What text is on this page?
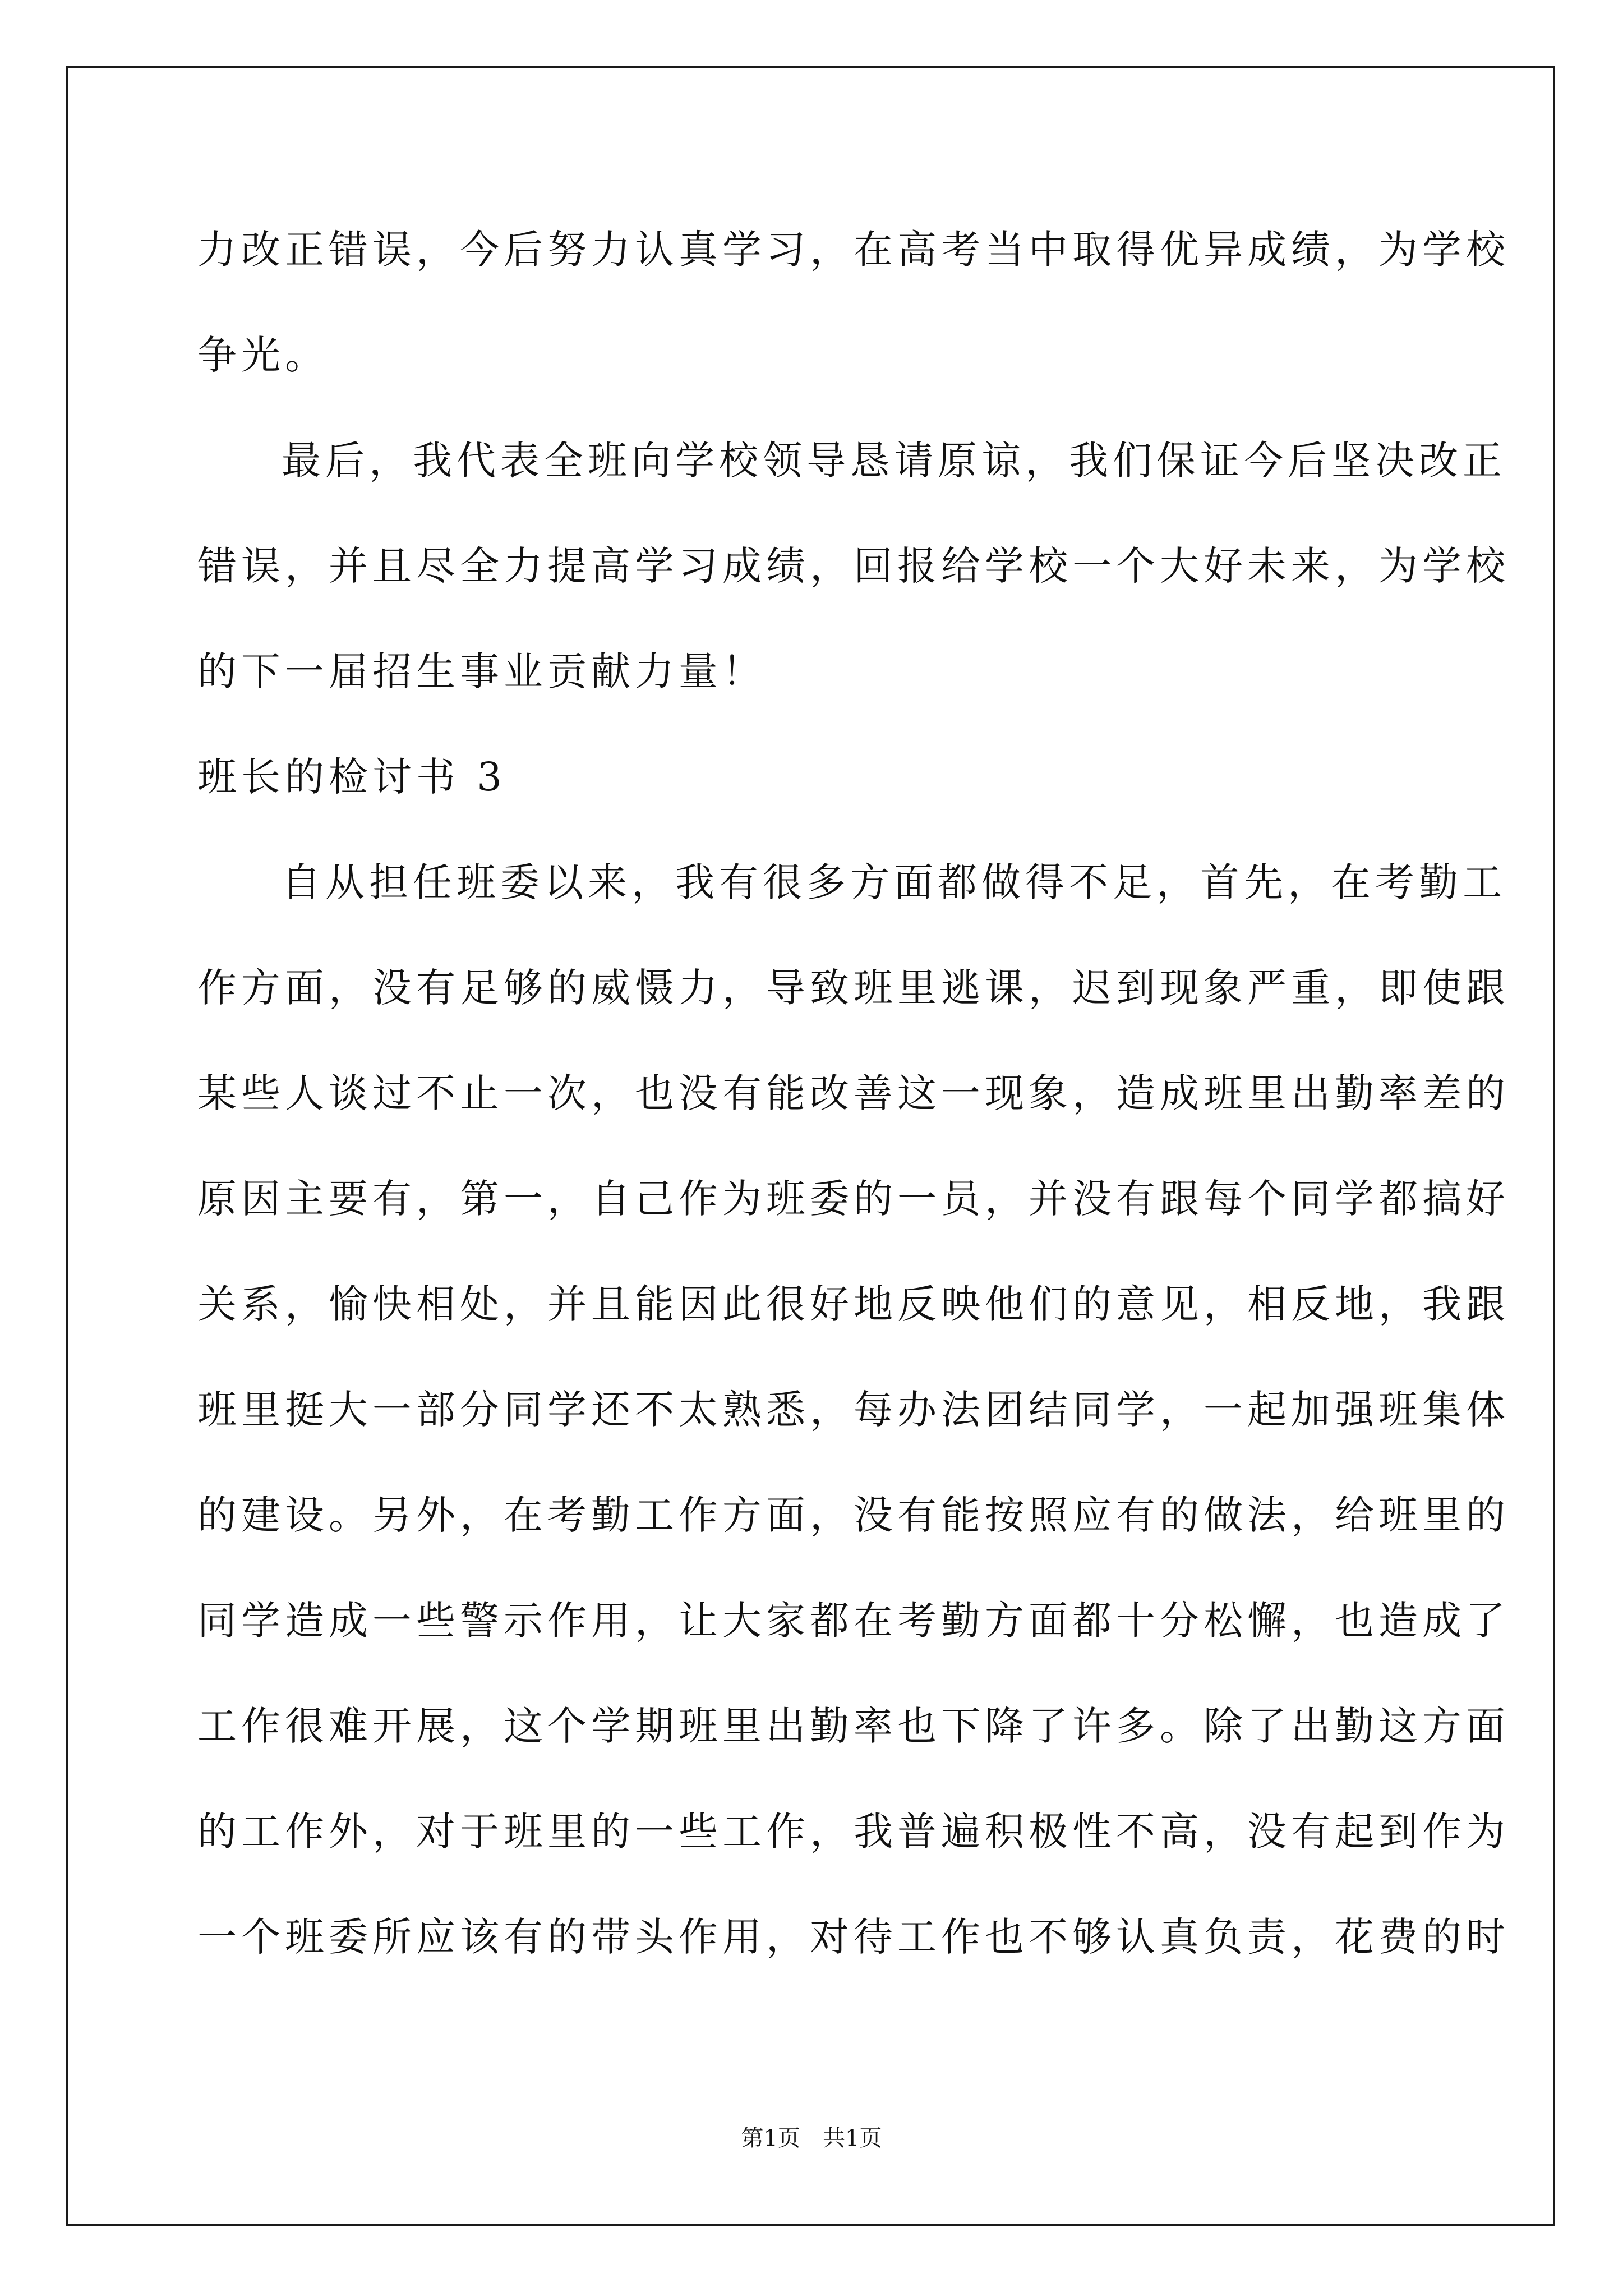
力改正错误，今后努力认真学习，在高考当中取得优异成绩，为学校
争光。
最后，我代表全班向学校领导恳请原谅，我们保证今后坚决改正
错误，并且尽全力提高学习成绩，回报给学校一个大好未来，为学校
的下一届招生事业贡献力量！
班长的检讨书 3
自从担任班委以来，我有很多方面都做得不足，首先，在考勤工
作方面，没有足够的威慑力，导致班里逃课，迟到现象严重，即使跟
某些人谈过不止一次，也没有能改善这一现象，造成班里出勤率差的
原因主要有，第一，自己作为班委的一员，并没有跟每个同学都搞好
关系，愉快相处，并且能因此很好地反映他们的意见，相反地，我跟
班里挺大一部分同学还不太熟悉，每办法团结同学，一起加强班集体
的建设。另外，在考勤工作方面，没有能按照应有的做法，给班里的
同学造成一些警示作用，让大家都在考勤方面都十分松懈，也造成了
工作很难开展，这个学期班里出勤率也下降了许多。除了出勤这方面
的工作外，对于班里的一些工作，我普遍积极性不高，没有起到作为
一个班委所应该有的带头作用，对待工作也不够认真负责，花费的时
第1页　共1页
